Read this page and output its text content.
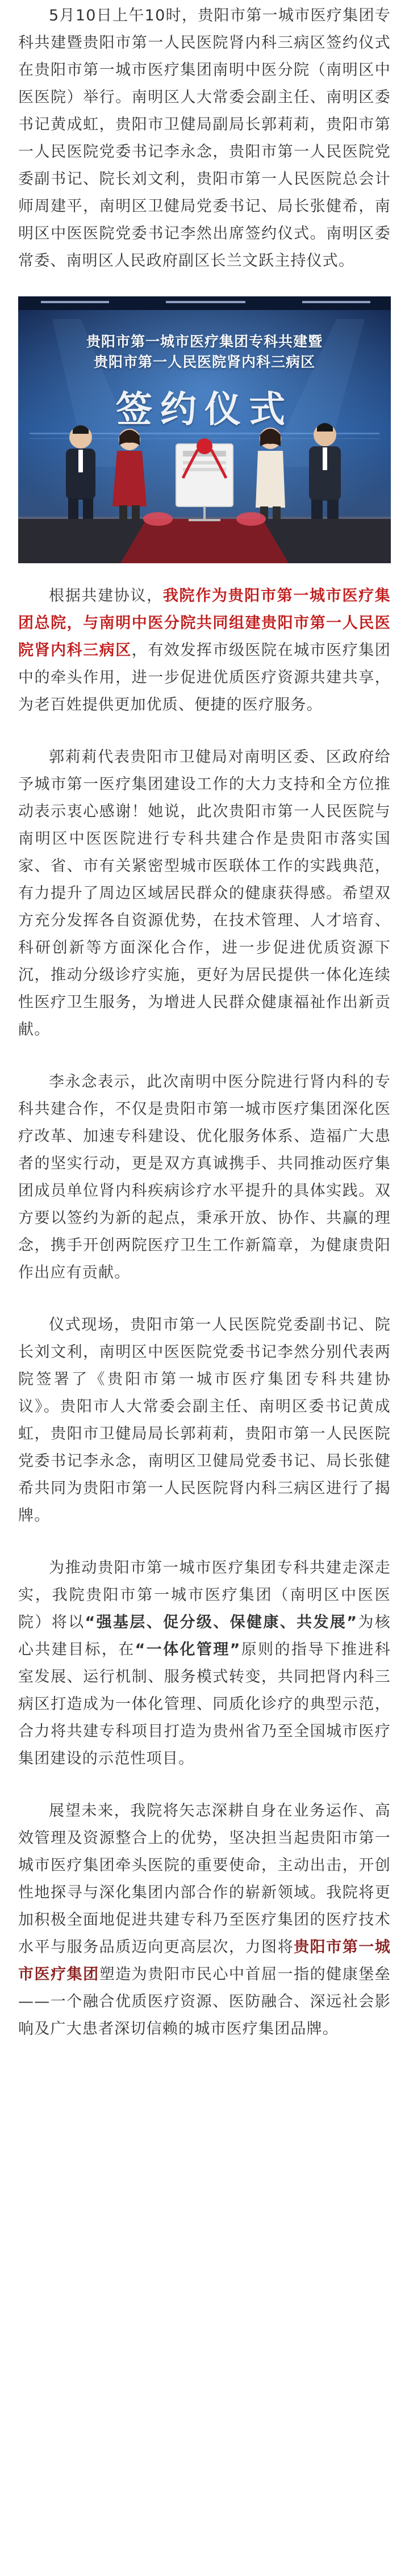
5月10日上午10时，贵阳市第一城市医疗集团专科共建暨贵阳市第一人民医院肾内科三病区签约仪式在贵阳市第一城市医疗集团南明中医分院（南明区中医医院）举行。南明区人大常委会副主任、南明区委书记黄成虹，贵阳市卫健局副局长郭莉莉，贵阳市第一人民医院党委书记李永念，贵阳市第一人民医院党委副书记、院长刘文利，贵阳市第一人民医院总会计师周建平，南明区卫健局党委书记、局长张健希，南明区中医医院党委书记李然出席签约仪式。南明区委常委、南明区人民政府副区长兰文跃主持仪式。

贵阳市第一城市医疗集团专科共建暨
贵阳市第一人民医院肾内科三病区
签约仪式

根据共建协议，我院作为贵阳市第一城市医疗集团总院，与南明中医分院共同组建贵阳市第一人民医院肾内科三病区，有效发挥市级医院在城市医疗集团中的牵头作用，进一步促进优质医疗资源共建共享，为老百姓提供更加优质、便捷的医疗服务。

郭莉莉代表贵阳市卫健局对南明区委、区政府给予城市第一医疗集团建设工作的大力支持和全方位推动表示衷心感谢！她说，此次贵阳市第一人民医院与南明区中医医院进行专科共建合作是贵阳市落实国家、省、市有关紧密型城市医联体工作的实践典范，有力提升了周边区域居民群众的健康获得感。希望双方充分发挥各自资源优势，在技术管理、人才培育、科研创新等方面深化合作，进一步促进优质资源下沉，推动分级诊疗实施，更好为居民提供一体化连续性医疗卫生服务，为增进人民群众健康福祉作出新贡献。

李永念表示，此次南明中医分院进行肾内科的专科共建合作，不仅是贵阳市第一城市医疗集团深化医疗改革、加速专科建设、优化服务体系、造福广大患者的坚实行动，更是双方真诚携手、共同推动医疗集团成员单位肾内科疾病诊疗水平提升的具体实践。双方要以签约为新的起点，秉承开放、协作、共赢的理念，携手开创两院医疗卫生工作新篇章，为健康贵阳作出应有贡献。

仪式现场，贵阳市第一人民医院党委副书记、院长刘文利，南明区中医医院党委书记李然分别代表两院签署了《贵阳市第一城市医疗集团专科共建协议》。贵阳市人大常委会副主任、南明区委书记黄成虹，贵阳市卫健局局长郭莉莉，贵阳市第一人民医院党委书记李永念，南明区卫健局党委书记、局长张健希共同为贵阳市第一人民医院肾内科三病区进行了揭牌。

为推动贵阳市第一城市医疗集团专科共建走深走实，我院贵阳市第一城市医疗集团（南明区中医医院）将以“强基层、促分级、保健康、共发展”为核心共建目标，在“一体化管理”原则的指导下推进科室发展、运行机制、服务模式转变，共同把肾内科三病区打造成为一体化管理、同质化诊疗的典型示范，合力将共建专科项目打造为贵州省乃至全国城市医疗集团建设的示范性项目。

展望未来，我院将矢志深耕自身在业务运作、高效管理及资源整合上的优势，坚决担当起贵阳市第一城市医疗集团牵头医院的重要使命，主动出击，开创性地探寻与深化集团内部合作的崭新领域。我院将更加积极全面地促进共建专科乃至医疗集团的医疗技术水平与服务品质迈向更高层次，力图将贵阳市第一城市医疗集团塑造为贵阳市民心中首屈一指的健康堡垒——一个融合优质医疗资源、医防融合、深远社会影响及广大患者深切信赖的城市医疗集团品牌。
